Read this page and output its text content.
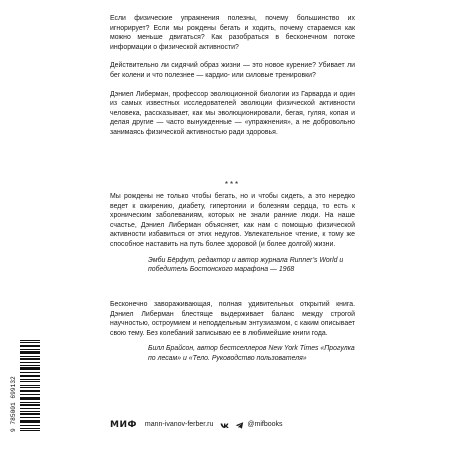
Если физические упражнения полезны, почему большинство их игнорирует? Если мы рождены бегать и ходить, почему стараемся как можно меньше двигаться? Как разобраться в бесконечном потоке информации о физической активности?

Действительно ли сидячий образ жизни — это новое курение? Убивает ли бег колени и что полезнее — кардио- или силовые тренировки?

Дэниел Либерман, профессор эволюционной биологии из Гарварда и один из самых известных исследователей эволюции физической активности человека, рассказывает, как мы эволюционировали, бегая, гуляя, копая и делая другие — часто вынужденные — «упражнения», а не добровольно занимаясь физической активностью ради здоровья.

***

Мы рождены не только чтобы бегать, но и чтобы сидеть, а это нередко ведет к ожирению, диабету, гипертонии и болезням сердца, то есть к хроническим заболеваниям, которых не знали ранние люди. На наше счастье, Дэниел Либерман объясняет, как нам с помощью физической активности избавиться от этих недугов. Увлекательное чтение, к тому же способное наставить на путь более здоровой (и более долгой) жизни.

Эмби Бёрфут, редактор и автор журнала Runner’s World и победитель Бостонского марафона — 1968

Бесконечно завораживающая, полная удивительных открытий книга. Дэниел Либерман блестяще выдерживает баланс между строгой научностью, остроумием и неподдельным энтузиазмом, с каким описывает свою тему. Без колебаний записываю ее в любимейшие книги года.

Билл Брайсон, автор бестселлеров New York Times «Прогулка по лесам» и «Тело. Руководство пользователя»

9 785001 699132	МИФ mann-ivanov-ferber.ru	@mifbooks
